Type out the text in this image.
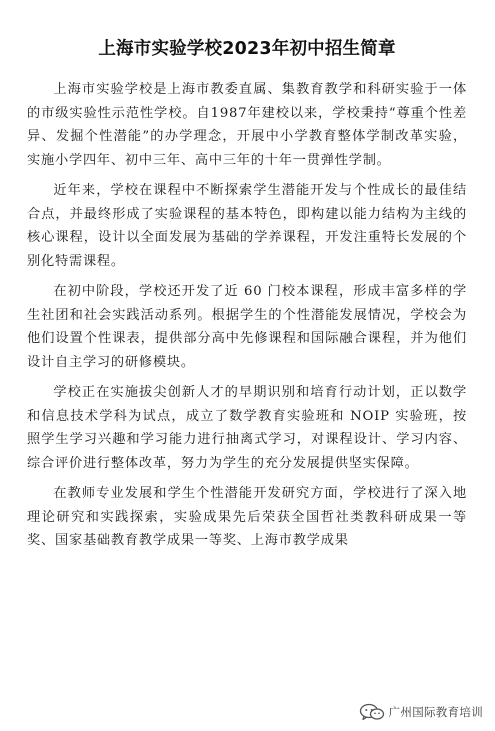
上海市实验学校2023年初中招生简章

上海市实验学校是上海市教委直属、集教育教学和科研实验于一体的市级实验性示范性学校。自1987年建校以来，学校秉持“尊重个性差异、发掘个性潜能”的办学理念，开展中小学教育整体学制改革实验，实施小学四年、初中三年、高中三年的十年一贯弹性学制。

近年来，学校在课程中不断探索学生潜能开发与个性成长的最佳结合点，并最终形成了实验课程的基本特色，即构建以能力结构为主线的核心课程，设计以全面发展为基础的学养课程，开发注重特长发展的个别化特需课程。

在初中阶段，学校还开发了近 60 门校本课程，形成丰富多样的学生社团和社会实践活动系列。根据学生的个性潜能发展情况，学校会为他们设置个性课表，提供部分高中先修课程和国际融合课程，并为他们设计自主学习的研修模块。

学校正在实施拔尖创新人才的早期识别和培育行动计划，正以数学和信息技术学科为试点，成立了数学教育实验班和 NOIP 实验班，按照学生学习兴趣和学习能力进行抽离式学习，对课程设计、学习内容、综合评价进行整体改革，努力为学生的充分发展提供坚实保障。

在教师专业发展和学生个性潜能开发研究方面，学校进行了深入地理论研究和实践探索，实验成果先后荣获全国哲社类教科研成果一等奖、国家基础教育教学成果一等奖、上海市教学成果

广州国际教育培训
